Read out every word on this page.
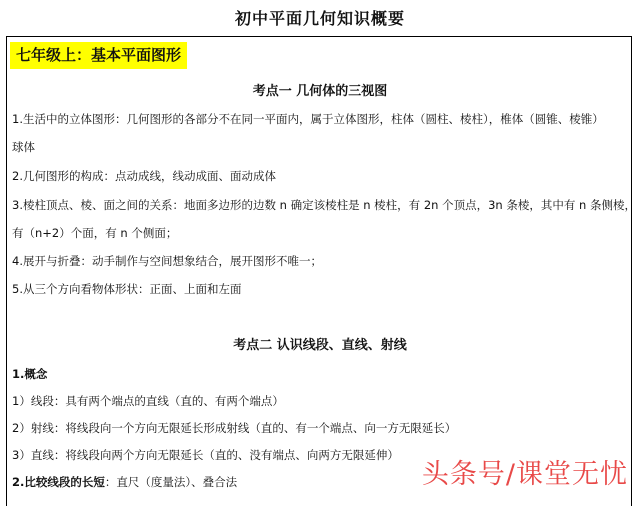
初中平面几何知识概要
七年级上：基本平面图形
考点一 几何体的三视图
1.生活中的立体图形：几何图形的各部分不在同一平面内，属于立体图形，柱体（圆柱、棱柱），椎体（圆锥、棱锥）
球体
2.几何图形的构成：点动成线，线动成面、面动成体
3.棱柱顶点、棱、面之间的关系：地面多边形的边数 n 确定该棱柱是 n 棱柱，有 2n 个顶点，3n 条棱，其中有 n 条侧棱，
有（n+2）个面，有 n 个侧面；
4.展开与折叠：动手制作与空间想象结合，展开图形不唯一；
5.从三个方向看物体形状：正面、上面和左面
考点二 认识线段、直线、射线
1.概念
1）线段：具有两个端点的直线（直的、有两个端点）
2）射线：将线段向一个方向无限延长形成射线（直的、有一个端点、向一方无限延长）
3）直线：将线段向两个方向无限延长（直的、没有端点、向两方无限延伸）
2.比较线段的长短：直尺（度量法）、叠合法	头条号/课堂无忧
